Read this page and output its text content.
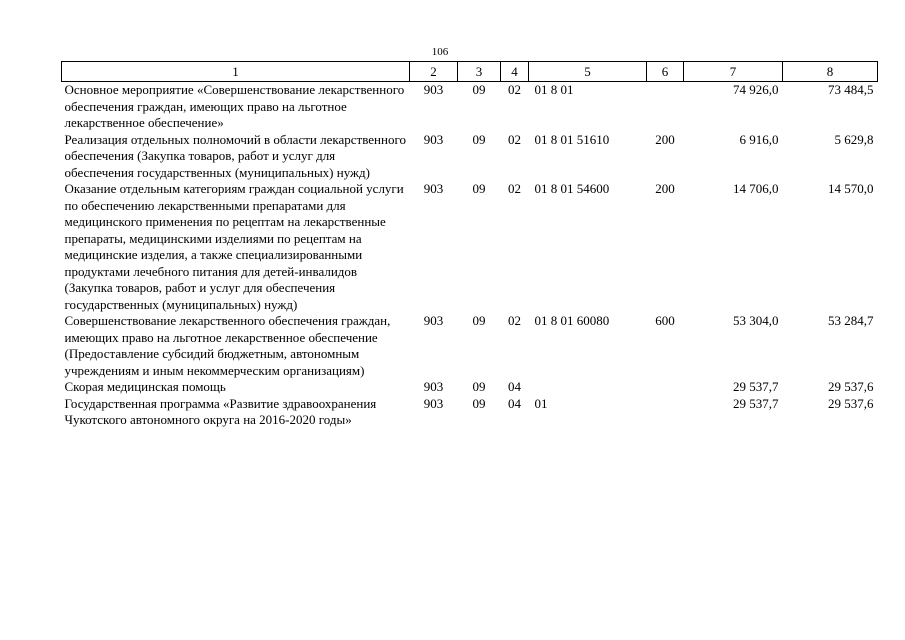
106
1	2	3	4	5	6	7	8
Основное мероприятие «Совершенствование лекарственного обеспечения граждан, имеющих право на льготное лекарственное обеспечение»	903	09	02	01 8 01		74 926,0	73 484,5
Реализация отдельных полномочий в области лекарственного обеспечения (Закупка товаров, работ и услуг для обеспечения государственных (муниципальных) нужд)	903	09	02	01 8 01 51610	200	6 916,0	5 629,8
Оказание отдельным категориям граждан социальной услуги по обеспечению лекарственными препаратами для медицинского применения по рецептам на лекарственные препараты, медицинскими изделиями по рецептам на медицинские изделия, а также специализированными продуктами лечебного питания для детей-инвалидов (Закупка товаров, работ и услуг для обеспечения государственных (муниципальных) нужд)	903	09	02	01 8 01 54600	200	14 706,0	14 570,0
Совершенствование лекарственного обеспечения граждан, имеющих право на льготное лекарственное обеспечение (Предоставление субсидий бюджетным, автономным учреждениям и иным некоммерческим организациям)	903	09	02	01 8 01 60080	600	53 304,0	53 284,7
Скорая медицинская помощь	903	09	04			29 537,7	29 537,6
Государственная программа «Развитие здравоохранения Чукотского автономного округа на 2016-2020 годы»	903	09	04	01		29 537,7	29 537,6
